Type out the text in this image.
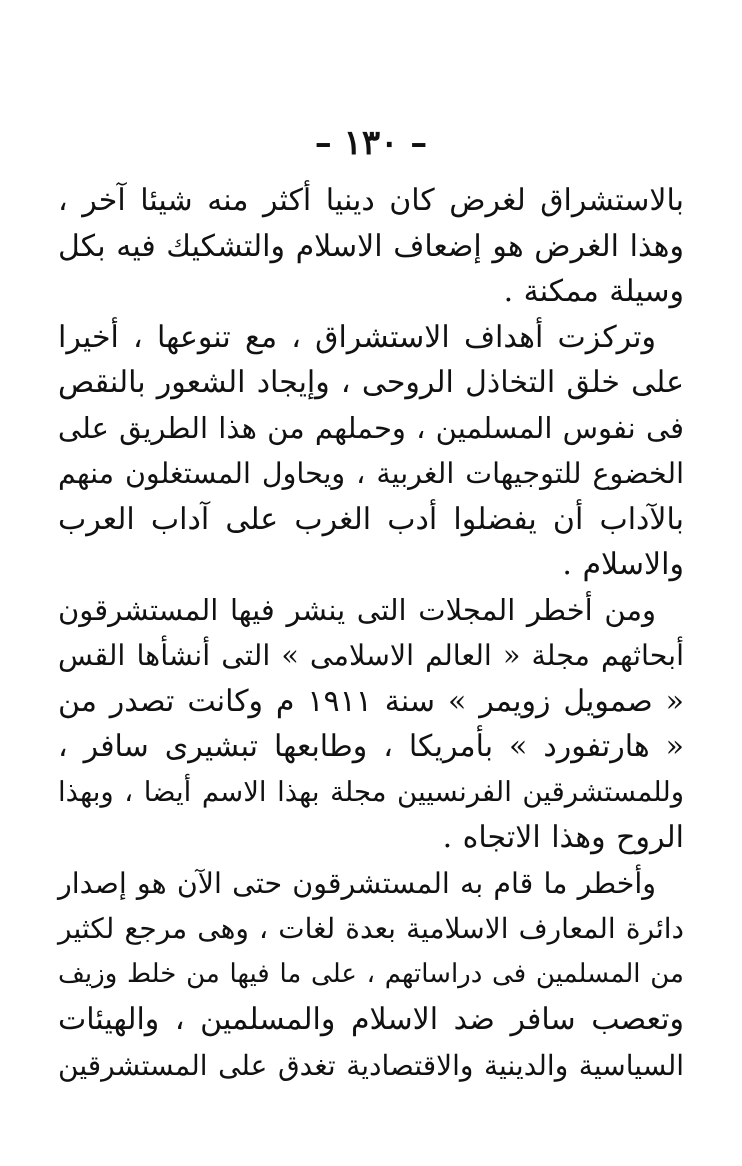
– ١٣٠ –

بالاستشراق لغرض كان دينيا أكثر منه شيئا آخر ،
وهذا الغرض هو إضعاف الاسلام والتشكيك فيه بكل
وسيلة ممكنة .

وتركزت أهداف الاستشراق ، مع تنوعها ، أخيرا
على خلق التخاذل الروحى ، وإيجاد الشعور بالنقص
فى نفوس المسلمين ، وحملهم من هذا الطريق على
الخضوع للتوجيهات الغربية ، ويحاول المستغلون منهم
بالآداب أن يفضلوا أدب الغرب على آداب العرب
والاسلام .

ومن أخطر المجلات التى ينشر فيها المستشرقون
أبحاثهم مجلة « العالم الاسلامى » التى أنشأها القس
« صمويل زويمر » سنة ١٩١١ م وكانت تصدر من
« هارتفورد » بأمريكا ، وطابعها تبشيرى سافر ،
وللمستشرقين الفرنسيين مجلة بهذا الاسم أيضا ، وبهذا
الروح وهذا الاتجاه .

وأخطر ما قام به المستشرقون حتى الآن هو إصدار
دائرة المعارف الاسلامية بعدة لغات ، وهى مرجع لكثير
من المسلمين فى دراساتهم ، على ما فيها من خلط وزيف
وتعصب سافر ضد الاسلام والمسلمين ، والهيئات
السياسية والدينية والاقتصادية تغدق على المستشرقين
